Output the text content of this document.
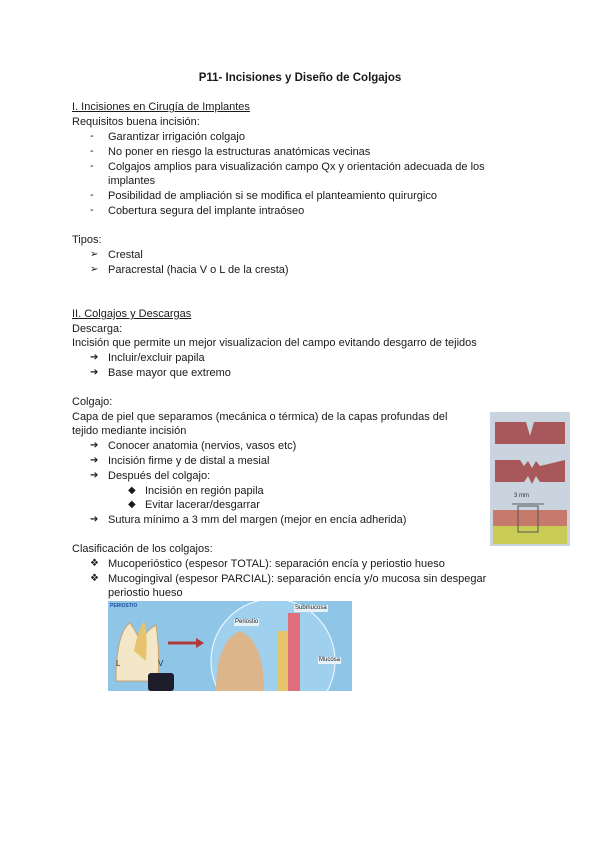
P11- Incisiones y Diseño de Colgajos
I. Incisiones en Cirugía de Implantes
Requisitos buena incisión:
- Garantizar irrigación colgajo
- No poner en riesgo la estructuras anatómicas vecinas
- Colgajos amplios para visualización campo Qx y orientación adecuada de los implantes
- Posibilidad de ampliación si se modifica el planteamiento quirurgico
- Cobertura segura del implante intraóseo
Tipos:
➢ Crestal
➢ Paracrestal (hacia V o L de la cresta)
II. Colgajos y Descargas
Descarga:
Incisión que permite un mejor visualizacion del campo evitando desgarro de tejidos
➔ Incluir/excluir papila
➔ Base mayor que extremo
Colgajo:
Capa de piel que separamos (mecánica o térmica) de la capas profundas del
tejido mediante incisión
➔ Conocer anatomia (nervios, vasos etc)
➔ Incisión firme y de distal a mesial
➔ Después del colgajo:
◆ Incisión en región papila
◆ Evitar lacerar/desgarrar
➔ Sutura mínimo a 3 mm del margen (mejor en encía adherida)
Clasificación de los colgajos:
❖ Mucoperióstico (espesor TOTAL): separación encía y periostio hueso
❖ Mucogingival (espesor PARCIAL): separación encía y/o mucosa sin despegar periostio hueso
3 mm
PERIOSTIO
L	V
Periostio
Submucosa
Mucosa
